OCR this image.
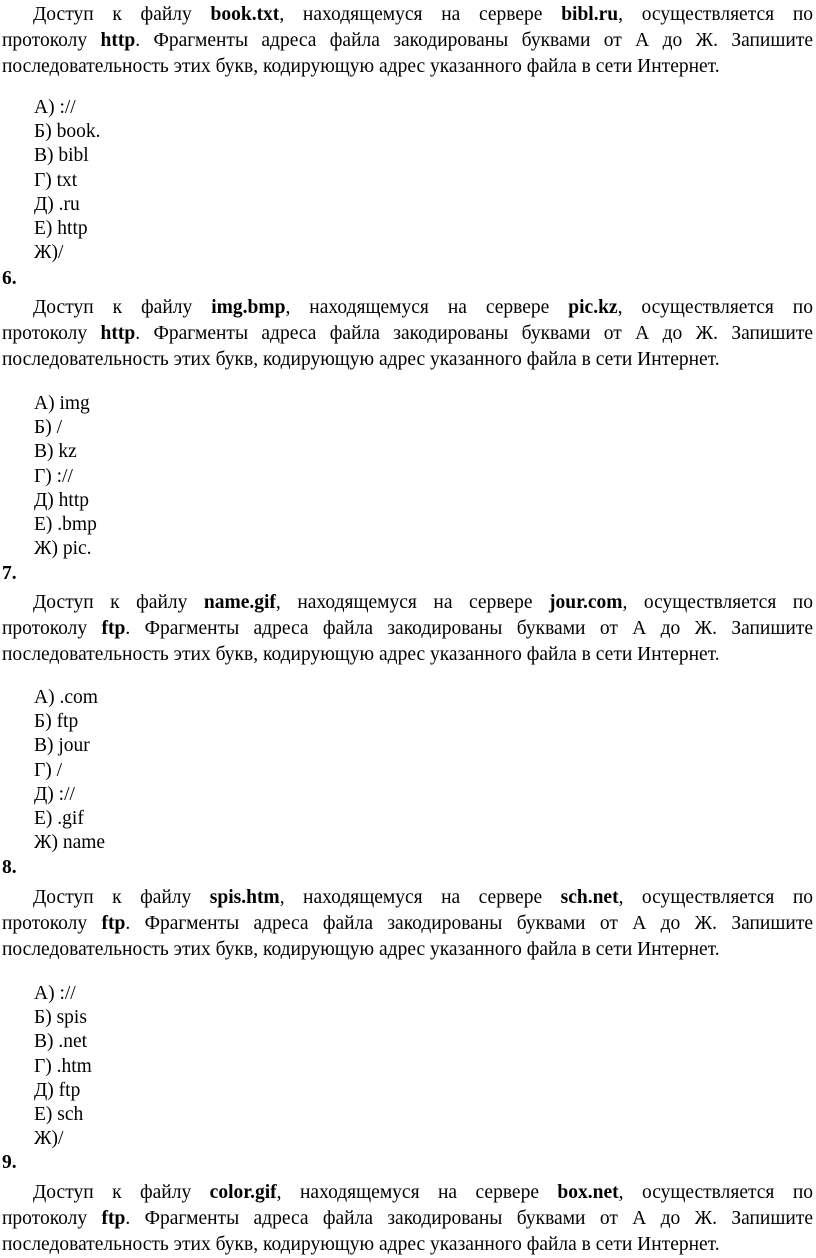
Доступ к файлу book.txt, находящемуся на сервере bibl.ru, осуществляется по
протоколу http. Фрагменты адреса файла закодированы буквами от А до Ж. Запишите
последовательность этих букв, кодирующую адрес указанного файла в сети Интернет.
А) ://
Б) book.
В) bibl
Г) txt
Д) .ru
Е) http
Ж)/
6.
Доступ к файлу img.bmp, находящемуся на сервере pic.kz, осуществляется по
протоколу http. Фрагменты адреса файла закодированы буквами от А до Ж. Запишите
последовательность этих букв, кодирующую адрес указанного файла в сети Интернет.
А) img
Б) /
В) kz
Г) ://
Д) http
Е) .bmp
Ж) pic.
7.
Доступ к файлу name.gif, находящемуся на сервере jour.com, осуществляется по
протоколу ftp. Фрагменты адреса файла закодированы буквами от А до Ж. Запишите
последовательность этих букв, кодирующую адрес указанного файла в сети Интернет.
А) .com
Б) ftp
В) jour
Г) /
Д) ://
Е) .gif
Ж) name
8.
Доступ к файлу spis.htm, находящемуся на сервере sch.net, осуществляется по
протоколу ftp. Фрагменты адреса файла закодированы буквами от А до Ж. Запишите
последовательность этих букв, кодирующую адрес указанного файла в сети Интернет.
А) ://
Б) spis
В) .net
Г) .htm
Д) ftp
Е) sch
Ж)/
9.
Доступ к файлу color.gif, находящемуся на сервере box.net, осуществляется по
протоколу ftp. Фрагменты адреса файла закодированы буквами от А до Ж. Запишите
последовательность этих букв, кодирующую адрес указанного файла в сети Интернет.
